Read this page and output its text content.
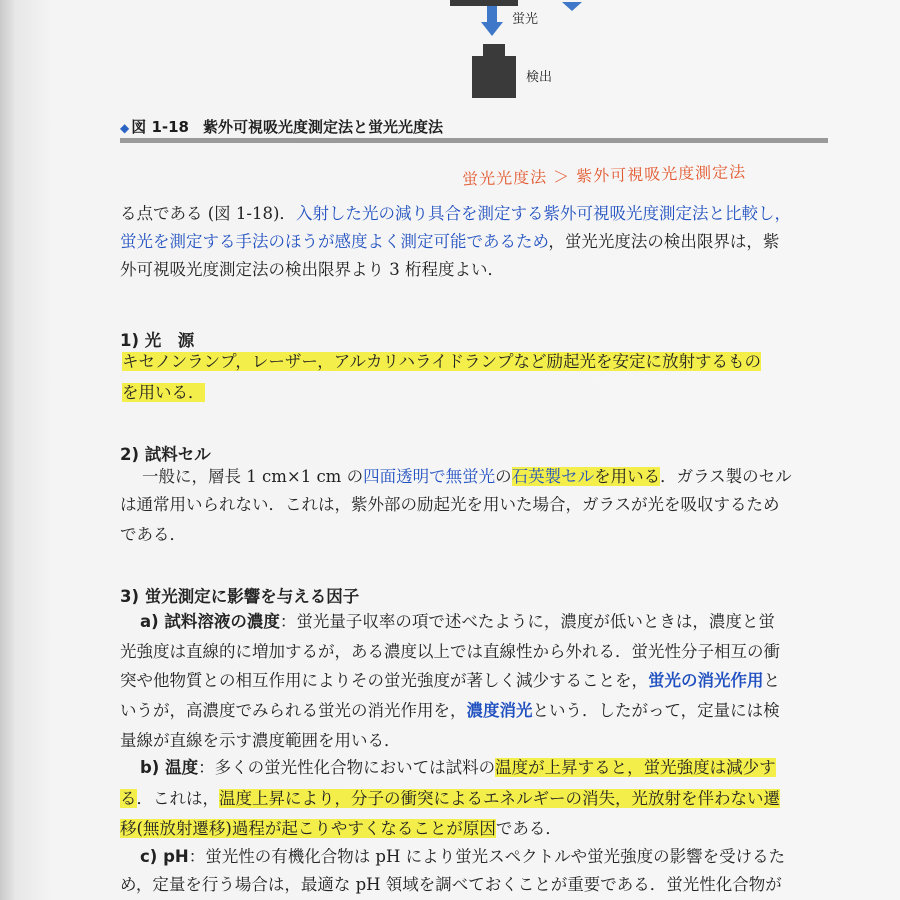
蛍光
検出
◆ 図 1-18 紫外可視吸光度測定法と蛍光光度法
蛍光光度法 ＞ 紫外可視吸光度測定法
る点である (図 1-18)．入射した光の減り具合を測定する紫外可視吸光度測定法と比較し，
蛍光を測定する手法のほうが感度よく測定可能であるため，蛍光光度法の検出限界は，紫
外可視吸光度測定法の検出限界より 3 桁程度よい．
1) 光　源
キセノンランプ，レーザー，アルカリハライドランプなど励起光を安定に放射するもの
を用いる．
2) 試料セル
一般に，層長 1 cm×1 cm の四面透明で無蛍光の石英製セルを用いる．ガラス製のセル
は通常用いられない．これは，紫外部の励起光を用いた場合，ガラスが光を吸収するため
である．
3) 蛍光測定に影響を与える因子
a) 試料溶液の濃度：蛍光量子収率の項で述べたように，濃度が低いときは，濃度と蛍
光強度は直線的に増加するが，ある濃度以上では直線性から外れる．蛍光性分子相互の衝
突や他物質との相互作用によりその蛍光強度が著しく減少することを，蛍光の消光作用と
いうが，高濃度でみられる蛍光の消光作用を，濃度消光という．したがって，定量には検
量線が直線を示す濃度範囲を用いる．
b) 温度：多くの蛍光性化合物においては試料の温度が上昇すると，蛍光強度は減少す
る．これは，温度上昇により，分子の衝突によるエネルギーの消失，光放射を伴わない遷
移(無放射遷移)過程が起こりやすくなることが原因である．
c) pH：蛍光性の有機化合物は pH により蛍光スペクトルや蛍光強度の影響を受けるた
め，定量を行う場合は，最適な pH 領域を調べておくことが重要である．蛍光性化合物が
